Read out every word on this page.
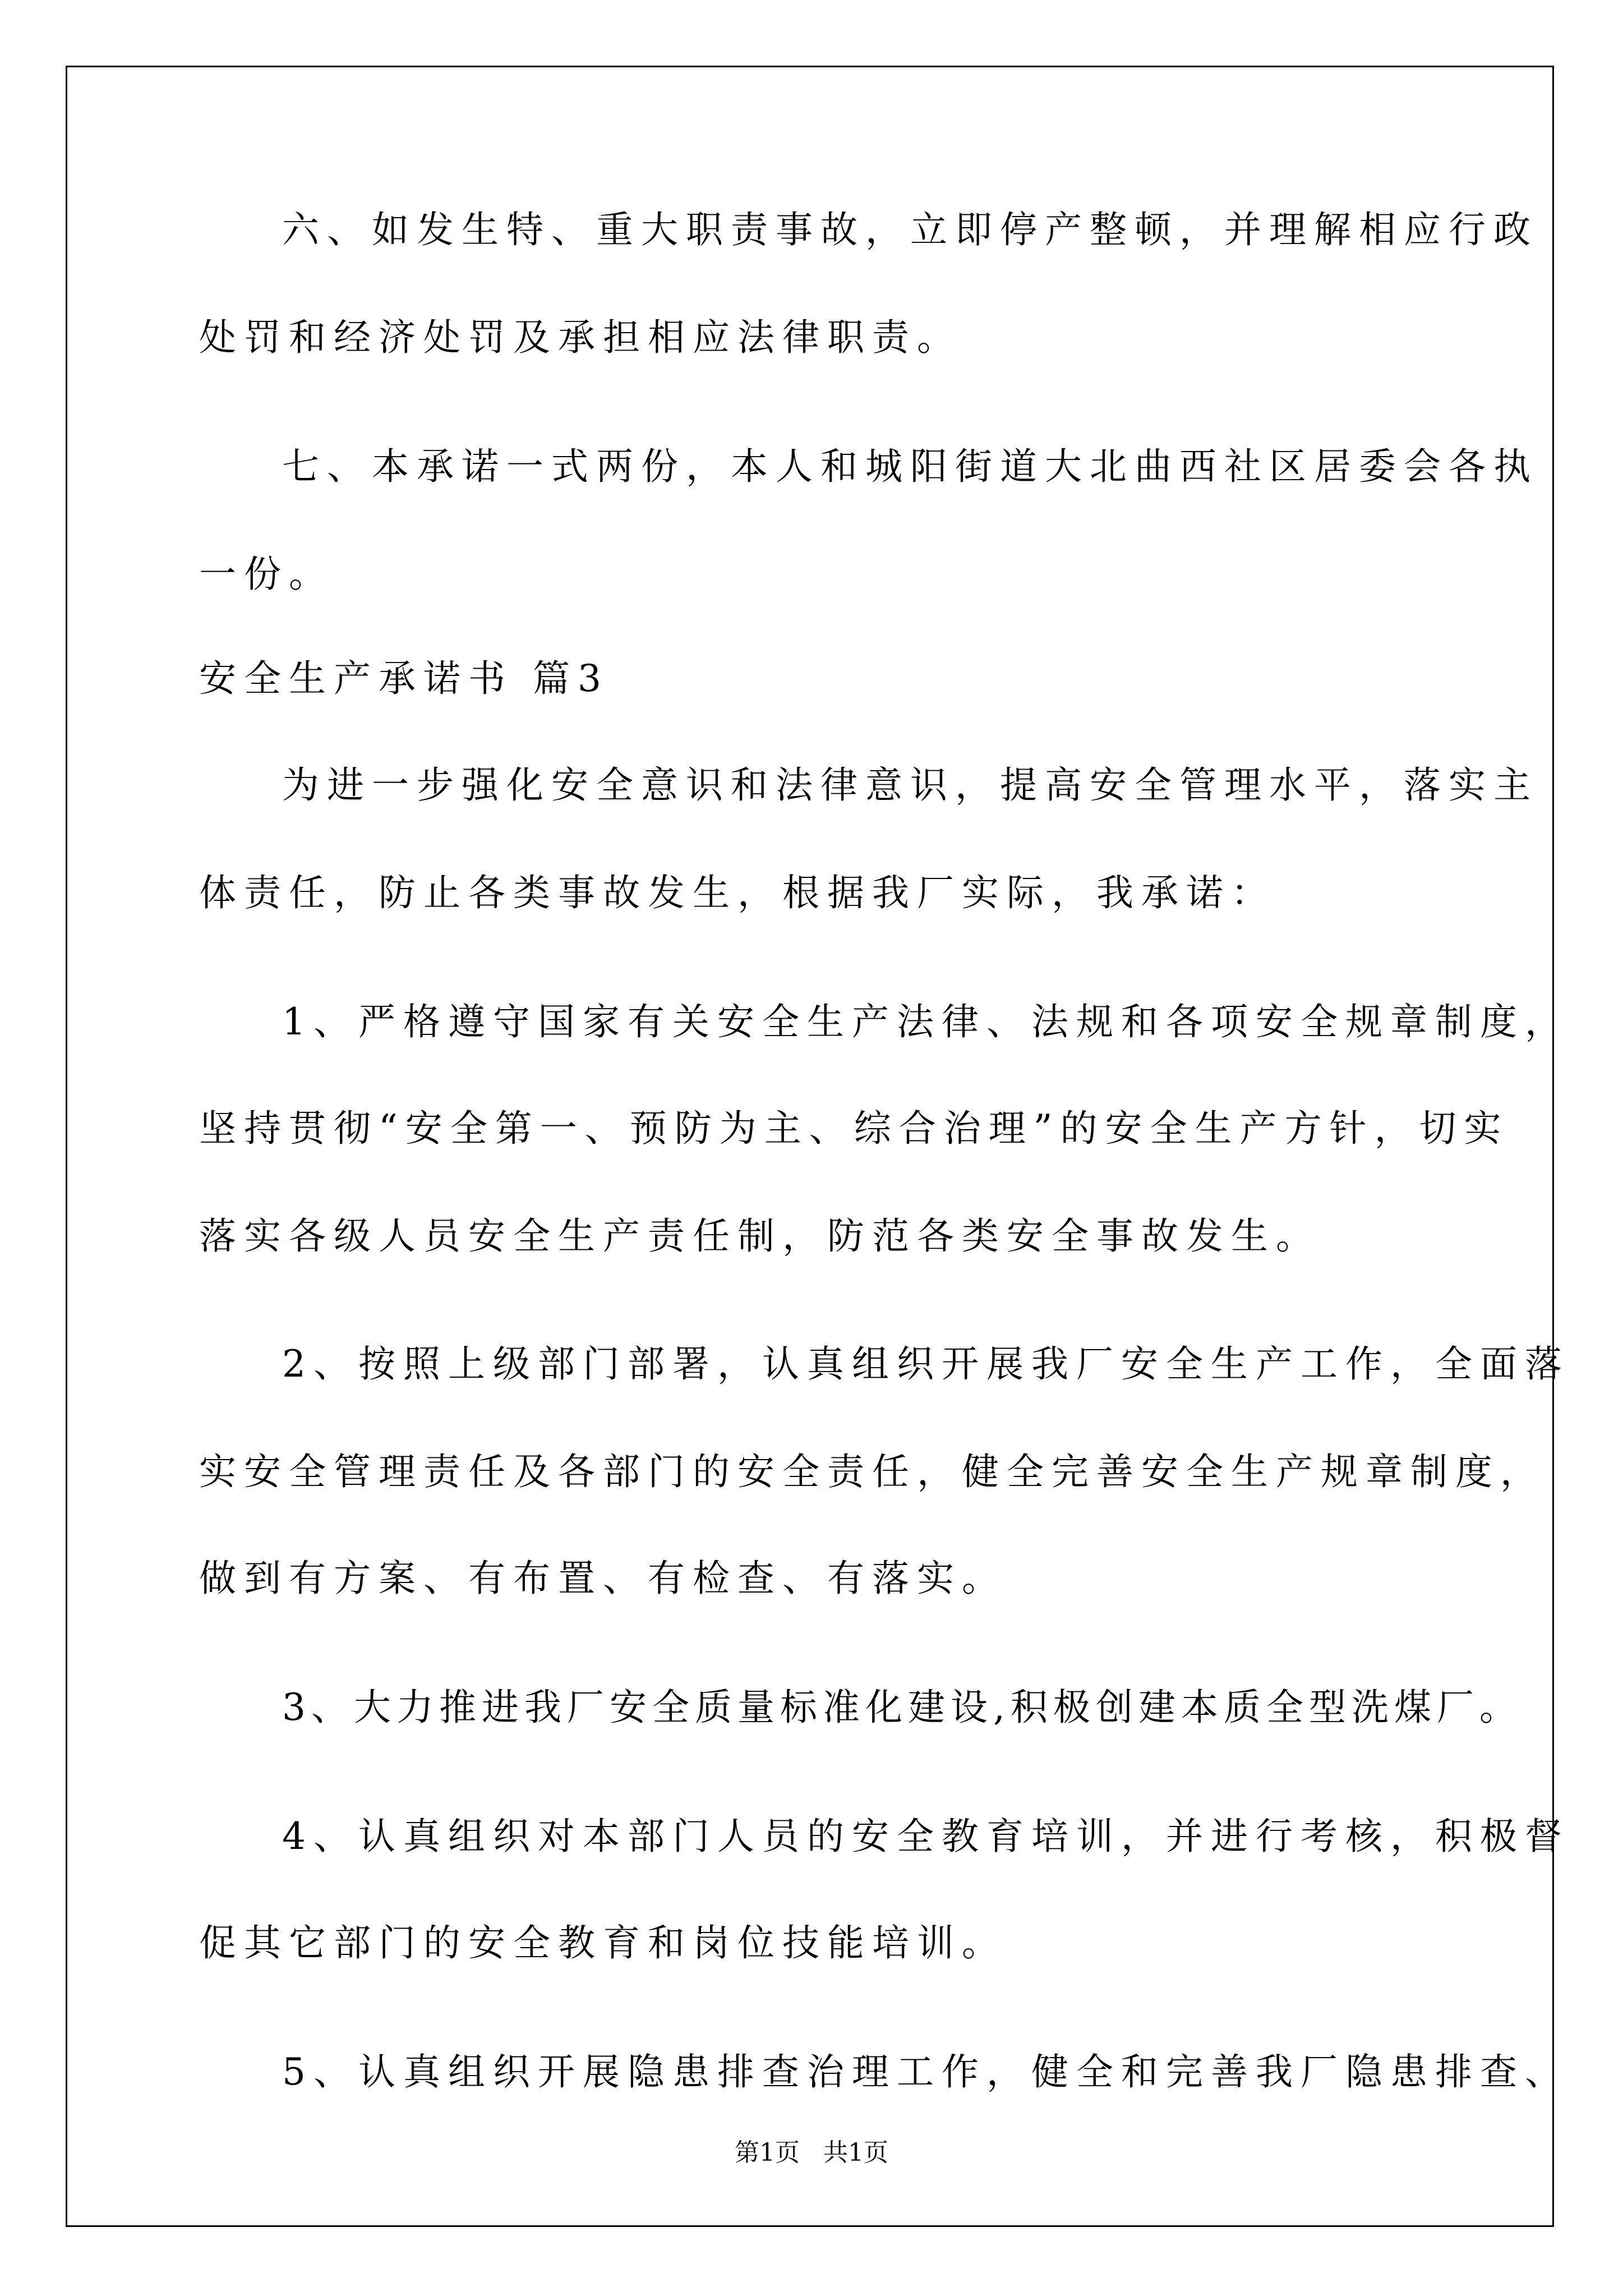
六、如发生特、重大职责事故，立即停产整顿，并理解相应行政
处罚和经济处罚及承担相应法律职责。
七、本承诺一式两份，本人和城阳街道大北曲西社区居委会各执
一份。
安全生产承诺书 篇3
为进一步强化安全意识和法律意识，提高安全管理水平，落实主
体责任，防止各类事故发生，根据我厂实际，我承诺：
1、严格遵守国家有关安全生产法律、法规和各项安全规章制度，
坚持贯彻“安全第一、预防为主、综合治理”的安全生产方针，切实
落实各级人员安全生产责任制，防范各类安全事故发生。
2、按照上级部门部署，认真组织开展我厂安全生产工作，全面落
实安全管理责任及各部门的安全责任，健全完善安全生产规章制度，
做到有方案、有布置、有检查、有落实。
3、大力推进我厂安全质量标准化建设,积极创建本质全型洗煤厂。
4、认真组织对本部门人员的安全教育培训，并进行考核，积极督
促其它部门的安全教育和岗位技能培训。
5、认真组织开展隐患排查治理工作，健全和完善我厂隐患排查、
第1页   共1页
